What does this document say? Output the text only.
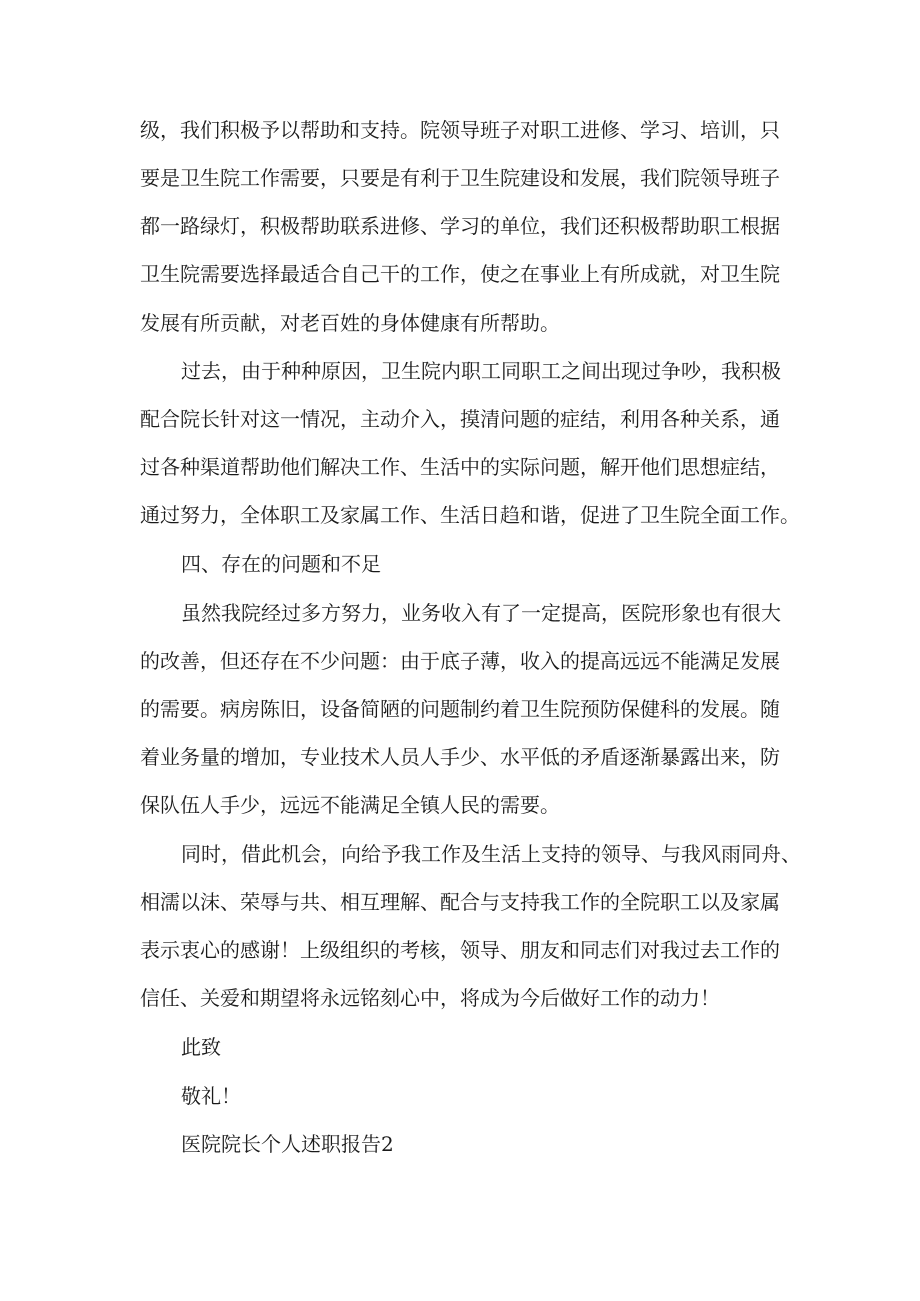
级，我们积极予以帮助和支持。院领导班子对职工进修、学习、培训，只
要是卫生院工作需要，只要是有利于卫生院建设和发展，我们院领导班子
都一路绿灯，积极帮助联系进修、学习的单位，我们还积极帮助职工根据
卫生院需要选择最适合自己干的工作，使之在事业上有所成就，对卫生院
发展有所贡献，对老百姓的身体健康有所帮助。
过去，由于种种原因，卫生院内职工同职工之间出现过争吵，我积极
配合院长针对这一情况，主动介入，摸清问题的症结，利用各种关系，通
过各种渠道帮助他们解决工作、生活中的实际问题，解开他们思想症结，
通过努力，全体职工及家属工作、生活日趋和谐，促进了卫生院全面工作。
四、存在的问题和不足
虽然我院经过多方努力，业务收入有了一定提高，医院形象也有很大
的改善，但还存在不少问题：由于底子薄，收入的提高远远不能满足发展
的需要。病房陈旧，设备简陋的问题制约着卫生院预防保健科的发展。随
着业务量的增加，专业技术人员人手少、水平低的矛盾逐渐暴露出来，防
保队伍人手少，远远不能满足全镇人民的需要。
同时，借此机会，向给予我工作及生活上支持的领导、与我风雨同舟、
相濡以沫、荣辱与共、相互理解、配合与支持我工作的全院职工以及家属
表示衷心的感谢！上级组织的考核，领导、朋友和同志们对我过去工作的
信任、关爱和期望将永远铭刻心中，将成为今后做好工作的动力！
此致
敬礼！
医院院长个人述职报告2
